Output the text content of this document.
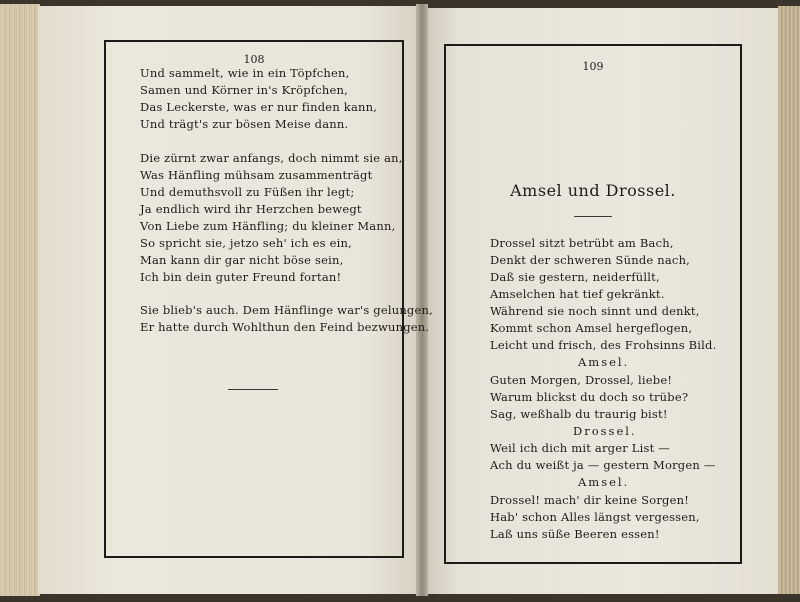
108
109
Und sammelt, wie in ein Töpfchen,
Samen und Körner in's Kröpfchen,
Das Leckerste, was er nur finden kann,
Und trägt's zur bösen Meise dann.
Die zürnt zwar anfangs, doch nimmt sie an,
Was Hänfling mühsam zusammenträgt
Und demuthsvoll zu Füßen ihr legt;
Ja endlich wird ihr Herzchen bewegt
Von Liebe zum Hänfling; du kleiner Mann,
So spricht sie, jetzo seh' ich es ein,
Man kann dir gar nicht böse sein,
Ich bin dein guter Freund fortan!
Sie blieb's auch. Dem Hänflinge war's gelungen,
Er hatte durch Wohlthun den Feind bezwungen.
Amsel und Drossel.
Drossel sitzt betrübt am Bach,
Denkt der schweren Sünde nach,
Daß sie gestern, neiderfüllt,
Amselchen hat tief gekränkt.
Während sie noch sinnt und denkt,
Kommt schon Amsel hergeflogen,
Leicht und frisch, des Frohsinns Bild.
Amsel.
Guten Morgen, Drossel, liebe!
Warum blickst du doch so trübe?
Sag, weßhalb du traurig bist!
Drossel.
Weil ich dich mit arger List —
Ach du weißt ja — gestern Morgen —
Amsel.
Drossel! mach' dir keine Sorgen!
Hab' schon Alles längst vergessen,
Laß uns süße Beeren essen!
